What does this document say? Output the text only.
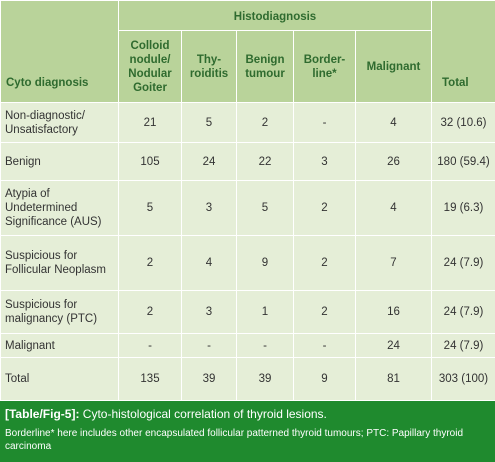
Cyto diagnosis	Histodiagnosis					Total
	Colloid nodule/ Nodular Goiter	Thy-roiditis	Benign tumour	Border-line*	Malignant	
Non-diagnostic/ Unsatisfactory	21	5	2	-	4	32 (10.6)
Benign	105	24	22	3	26	180 (59.4)
Atypia of Undetermined Significance (AUS)	5	3	5	2	4	19 (6.3)
Suspicious for Follicular Neoplasm	2	4	9	2	7	24 (7.9)
Suspicious for malignancy (PTC)	2	3	1	2	16	24 (7.9)
Malignant	-	-	-	-	24	24 (7.9)
Total	135	39	39	9	81	303 (100)
[Table/Fig-5]: Cyto-histological correlation of thyroid lesions.
Borderline* here includes other encapsulated follicular patterned thyroid tumours; PTC: Papillary thyroid carcinoma
